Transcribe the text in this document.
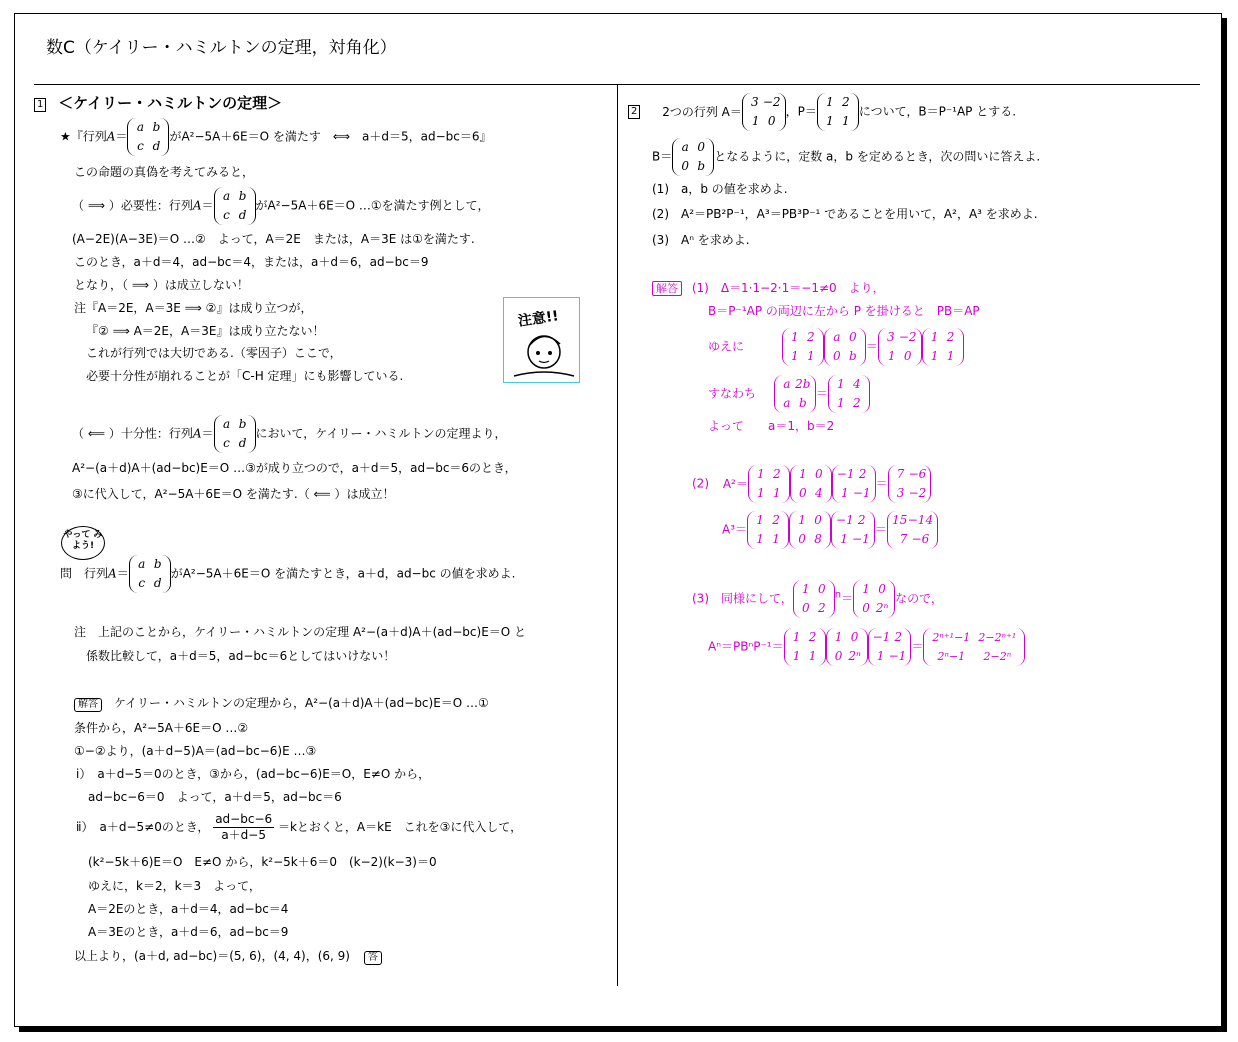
数C（ケイリー・ハミルトンの定理，対角化）
1 ＜ケイリー・ハミルトンの定理＞
★『行列A＝a b
c dがA²−5A＋6E＝O を満たす　⟺　a＋d＝5，ad−bc＝6』
この命題の真偽を考えてみると，
（ ⟹ ）必要性：行列A＝a b
c dがA²−5A＋6E＝O …①を満たす例として，
(A−2E)(A−3E)＝O …②　よって，A＝2E　または，A＝3E は①を満たす.
このとき，a＋d＝4，ad−bc＝4，または，a＋d＝6，ad−bc＝9
となり，（ ⟹ ）は成立しない！
注『A＝2E，A＝3E ⟹ ②』は成り立つが，
『② ⟹ A＝2E，A＝3E』は成り立たない！
これが行列では大切である.（零因子）ここで，
必要十分性が崩れることが「C-H 定理」にも影響している.
注意!!
（ ⟸ ）十分性：行列A＝a b
c dにおいて，ケイリー・ハミルトンの定理より，
A²−(a＋d)A＋(ad−bc)E＝O …③が成り立つので，a＋d＝5，ad−bc＝6のとき，
③に代入して，A²−5A＋6E＝O を満たす.（ ⟸ ）は成立！
やって みよう!
問　行列A＝a b
c dがA²−5A＋6E＝O を満たすとき，a＋d，ad−bc の値を求めよ.
注　上記のことから，ケイリー・ハミルトンの定理 A²−(a＋d)A＋(ad−bc)E＝O と
係数比較して，a＋d＝5，ad−bc＝6としてはいけない！
解答 ケイリー・ハミルトンの定理から，A²−(a＋d)A＋(ad−bc)E＝O …①
条件から，A²−5A＋6E＝O …②
①−②より，(a＋d−5)A＝(ad−bc−6)E …③
ⅰ）　a＋d−5＝0のとき，③から，(ad−bc−6)E＝O，E≠O から，
ad−bc−6＝0　よって，a＋d＝5，ad−bc＝6
ⅱ）　a＋d−5≠0のとき， $\frac{ad-bc-6}{a+d-5} =k$とおくと，A＝kE　これを③に代入して，
(k²−5k＋6)E＝O　E≠O から，k²−5k＋6＝0　(k−2)(k−3)＝0
ゆえに，k＝2，k＝3　よって，
A＝2Eのとき，a＋d＝4，ad−bc＝4
A＝3Eのとき，a＋d＝6，ad−bc＝9
以上より，(a＋d, ad−bc)＝(5, 6)，(4, 4)，(6, 9) 答
2 2つの行列 A＝3 −2
1 0，P＝1 2
1 1について，B＝P⁻¹AP とする.
B＝a 0
0 bとなるように，定数 a，b を定めるとき，次の問いに答えよ.
(1)　a，b の値を求めよ.
(2)　A²＝PB²P⁻¹，A³＝PB³P⁻¹ であることを用いて，A²，A³ を求めよ.
(3)　Aⁿ を求めよ.
解答 (1)　Δ＝1·1−2·1＝−1≠0　より，
B＝P⁻¹AP の両辺に左から P を掛けると　PB＝AP
ゆえに 1 2
1 1a 0
0 b＝3 −2
1 01 2
1 1
すなわち a 2b
a b＝1 4
1 2
よって　　a＝1，b＝2
(2) A²＝1 2
1 11 0
0 4−1 2
1 −1＝7 −6
3 −2
A³＝1 2
1 11 0
0 8−1 2
1 −1＝15−14
7 −6
(3)　同様にして，1 0
0 $2^n=1$ 0
0 2ⁿなので，
Aⁿ＝PBⁿP⁻¹＝1 2
1 11 0
0 2ⁿ−1 2
1 −1＝2ⁿ⁺¹−1 2−2ⁿ⁺¹
2ⁿ−1 2−2ⁿ
